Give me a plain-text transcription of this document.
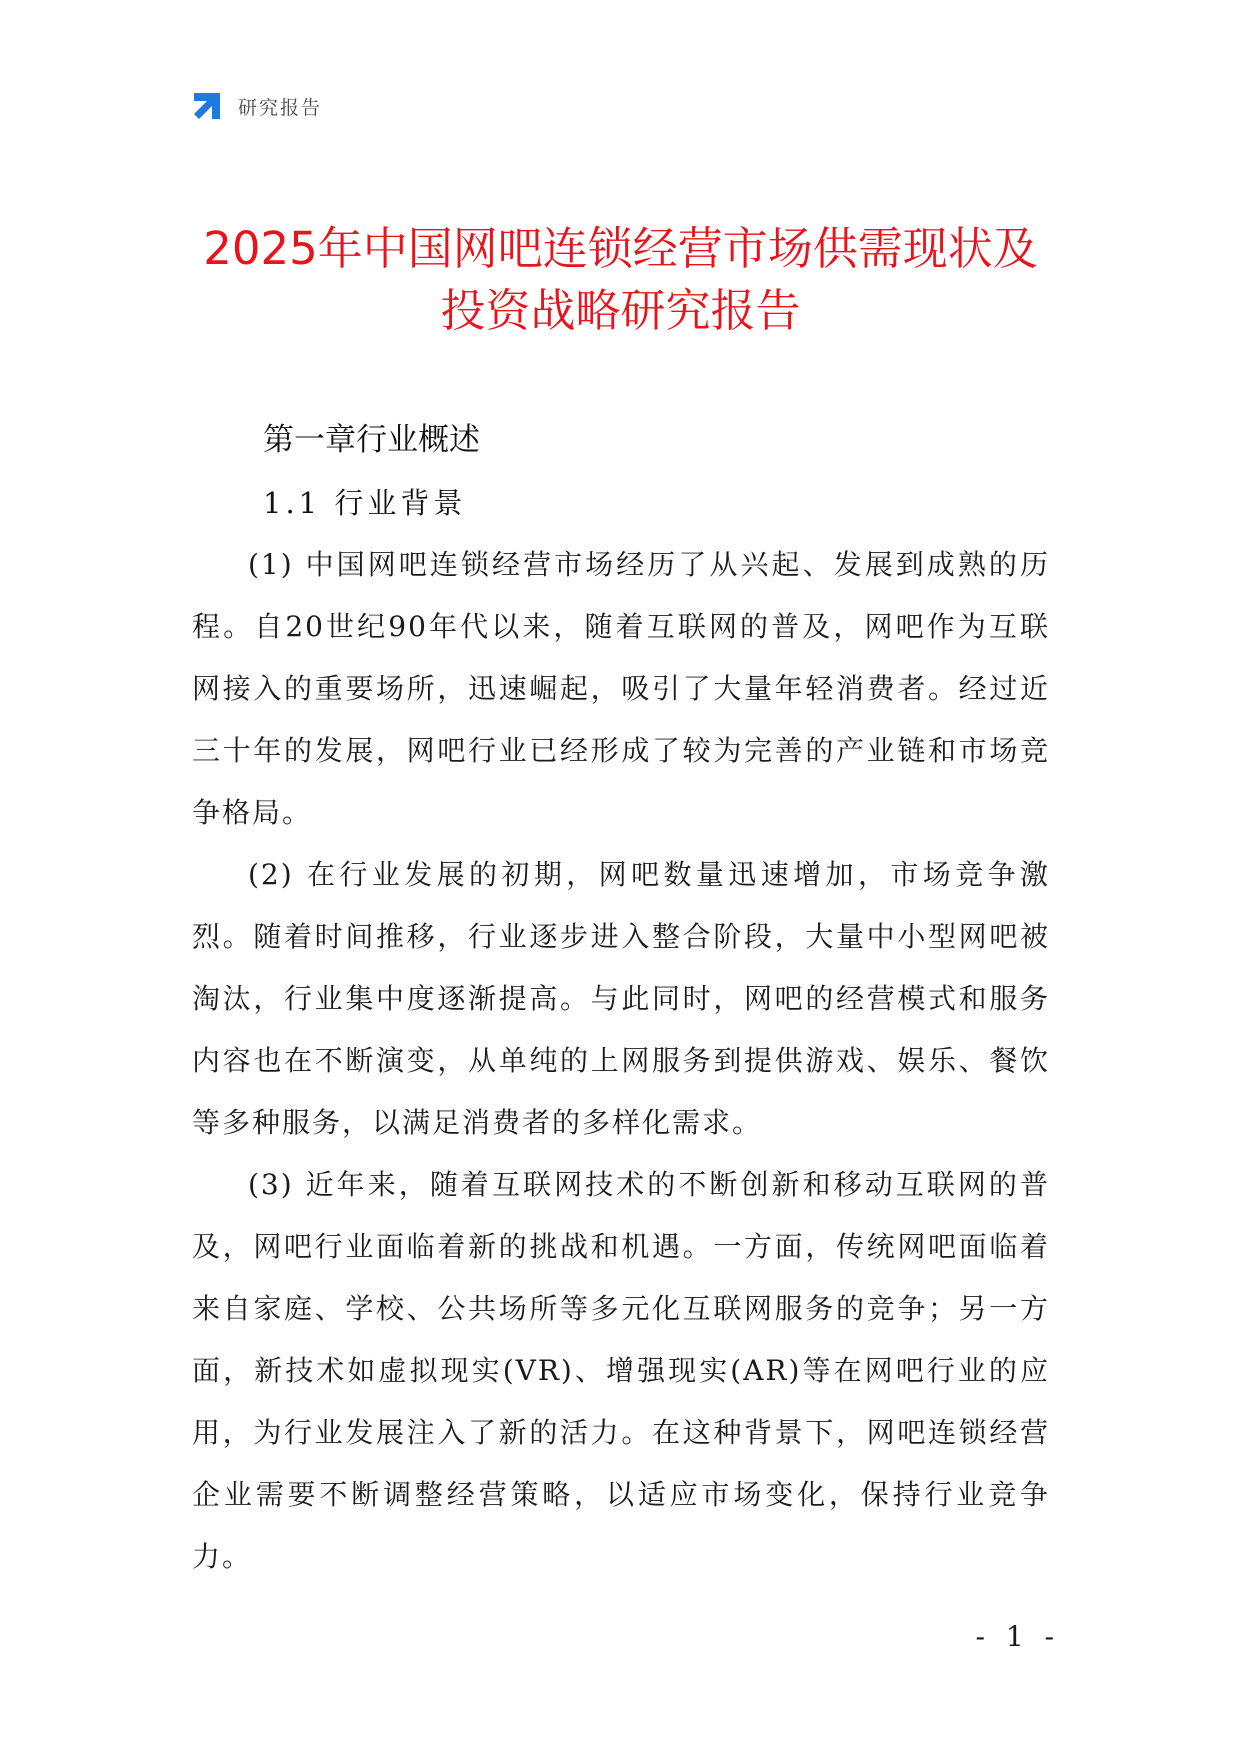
研究报告
2025年中国网吧连锁经营市场供需现状及
投资战略研究报告
第一章行业概述
1.1 行业背景

(1) 中国网吧连锁经营市场经历了从兴起、发展到成熟的历程。自20世纪90年代以来，随着互联网的普及，网吧作为互联网接入的重要场所，迅速崛起，吸引了大量年轻消费者。经过近三十年的发展，网吧行业已经形成了较为完善的产业链和市场竞争格局。

(2) 在行业发展的初期，网吧数量迅速增加，市场竞争激烈。随着时间推移，行业逐步进入整合阶段，大量中小型网吧被淘汰，行业集中度逐渐提高。与此同时，网吧的经营模式和服务内容也在不断演变，从单纯的上网服务到提供游戏、娱乐、餐饮等多种服务，以满足消费者的多样化需求。

(3) 近年来，随着互联网技术的不断创新和移动互联网的普及，网吧行业面临着新的挑战和机遇。一方面，传统网吧面临着来自家庭、学校、公共场所等多元化互联网服务的竞争；另一方面，新技术如虚拟现实(VR)、增强现实(AR)等在网吧行业的应用，为行业发展注入了新的活力。在这种背景下，网吧连锁经营企业需要不断调整经营策略，以适应市场变化，保持行业竞争力。

- 1 -
